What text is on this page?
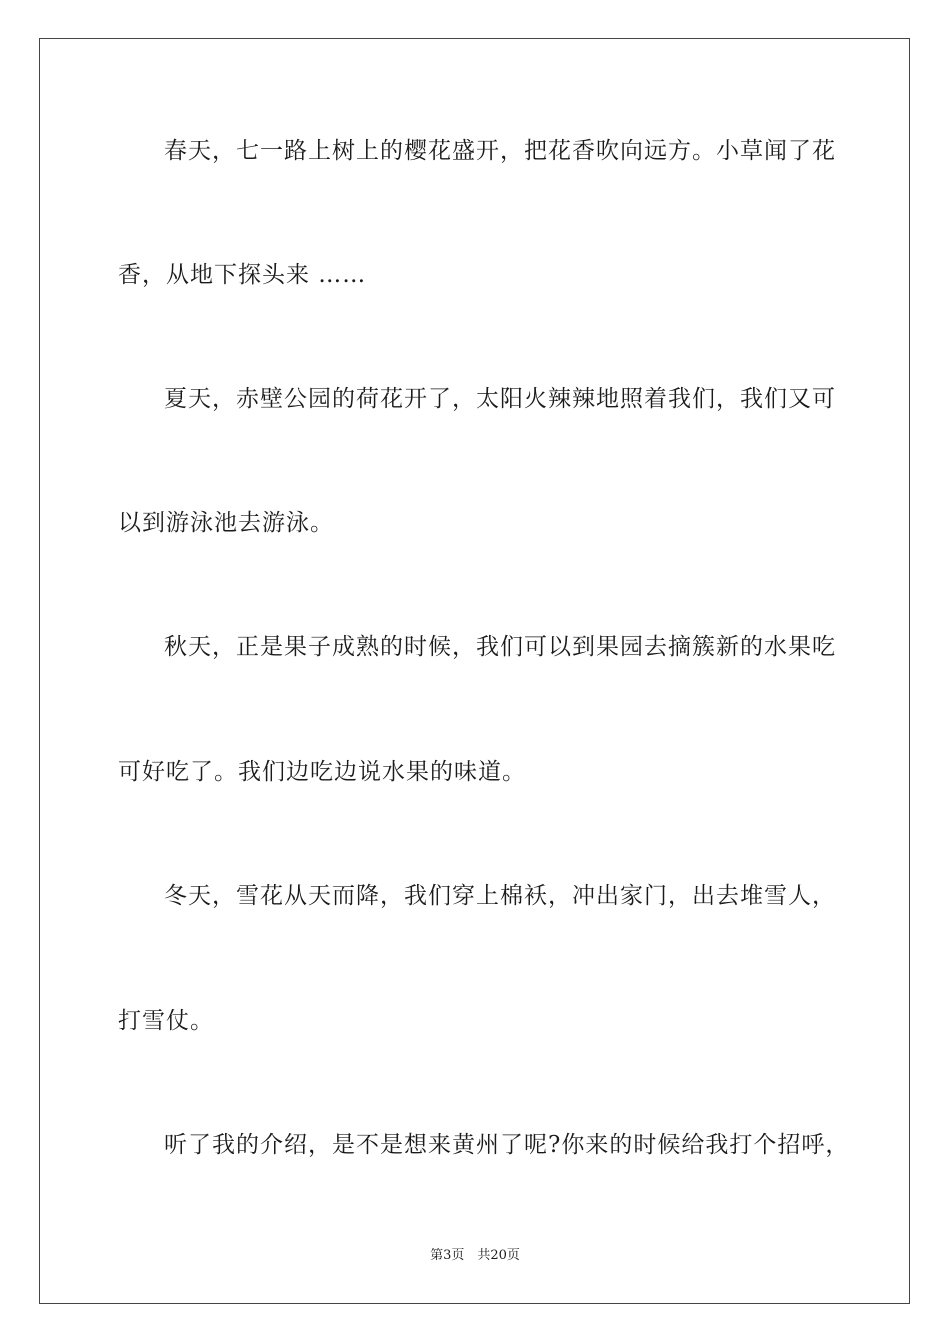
春天，七一路上树上的樱花盛开，把花香吹向远方。小草闻了花
香，从地下探头来 ……
夏天，赤壁公园的荷花开了，太阳火辣辣地照着我们，我们又可
以到游泳池去游泳。
秋天，正是果子成熟的时候，我们可以到果园去摘簇新的水果吃
可好吃了。我们边吃边说水果的味道。
冬天，雪花从天而降，我们穿上棉袄，冲出家门，出去堆雪人，
打雪仗。
听了我的介绍，是不是想来黄州了呢?你来的时候给我打个招呼，
第3页　共20页
